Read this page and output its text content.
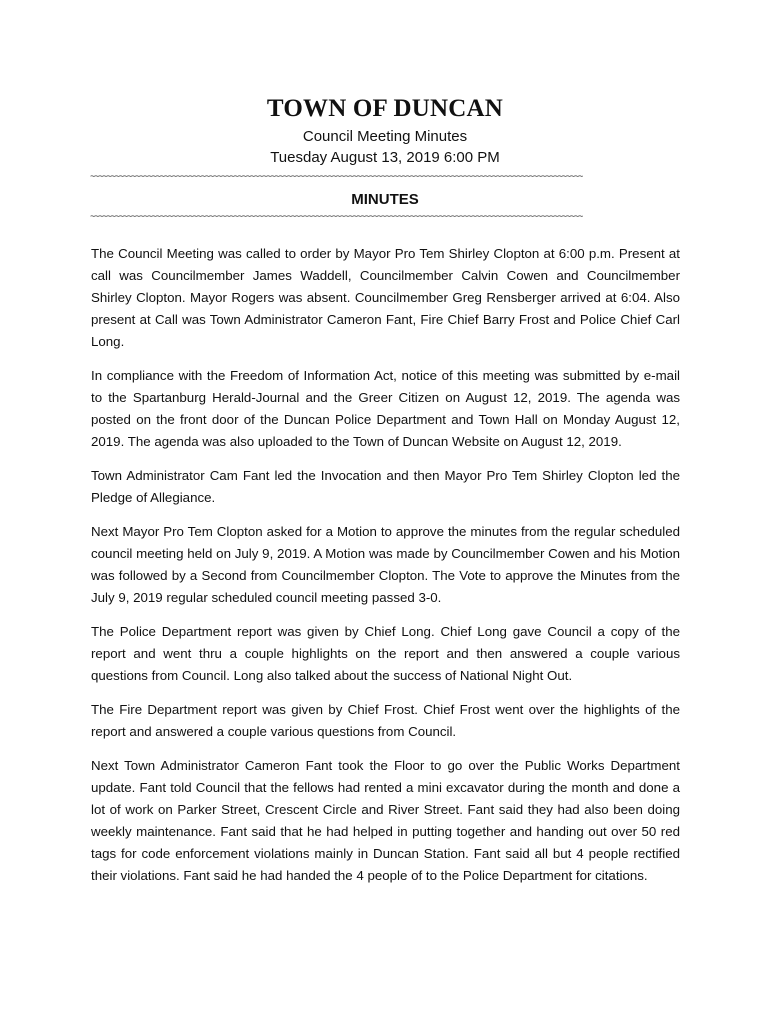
TOWN OF DUNCAN
Council Meeting Minutes
Tuesday August 13, 2019 6:00 PM
~~~~~~~~~~~~~~~~~~~~~~~~~~~~~~~~~~~~~~~~~~~~~~~~~~~~~~~~~~~~~~~~~~~~~~~~~~~~~~~~~~~~~~~~~~~~~~~~~~~~~~~~~~~~~~~~~~~~~~~~
MINUTES
~~~~~~~~~~~~~~~~~~~~~~~~~~~~~~~~~~~~~~~~~~~~~~~~~~~~~~~~~~~~~~~~~~~~~~~~~~~~~~~~~~~~~~~~~~~~~~~~~~~~~~~~~~~~~~~~~~~~~~~~

The Council Meeting was called to order by Mayor Pro Tem Shirley Clopton at 6:00 p.m. Present at call was Councilmember James Waddell, Councilmember Calvin Cowen and Councilmember Shirley Clopton. Mayor Rogers was absent. Councilmember Greg Rensberger arrived at 6:04. Also present at Call was Town Administrator Cameron Fant, Fire Chief Barry Frost and Police Chief Carl Long.

In compliance with the Freedom of Information Act, notice of this meeting was submitted by e-mail to the Spartanburg Herald-Journal and the Greer Citizen on August 12, 2019. The agenda was posted on the front door of the Duncan Police Department and Town Hall on Monday August 12, 2019. The agenda was also uploaded to the Town of Duncan Website on August 12, 2019.

Town Administrator Cam Fant led the Invocation and then Mayor Pro Tem Shirley Clopton led the Pledge of Allegiance.

Next Mayor Pro Tem Clopton asked for a Motion to approve the minutes from the regular scheduled council meeting held on July 9, 2019. A Motion was made by Councilmember Cowen and his Motion was followed by a Second from Councilmember Clopton. The Vote to approve the Minutes from the July 9, 2019 regular scheduled council meeting passed 3-0.

The Police Department report was given by Chief Long. Chief Long gave Council a copy of the report and went thru a couple highlights on the report and then answered a couple various questions from Council. Long also talked about the success of National Night Out.

The Fire Department report was given by Chief Frost. Chief Frost went over the highlights of the report and answered a couple various questions from Council.

Next Town Administrator Cameron Fant took the Floor to go over the Public Works Department update. Fant told Council that the fellows had rented a mini excavator during the month and done a lot of work on Parker Street, Crescent Circle and River Street. Fant said they had also been doing weekly maintenance. Fant said that he had helped in putting together and handing out over 50 red tags for code enforcement violations mainly in Duncan Station. Fant said all but 4 people rectified their violations. Fant said he had handed the 4 people of to the Police Department for citations.
